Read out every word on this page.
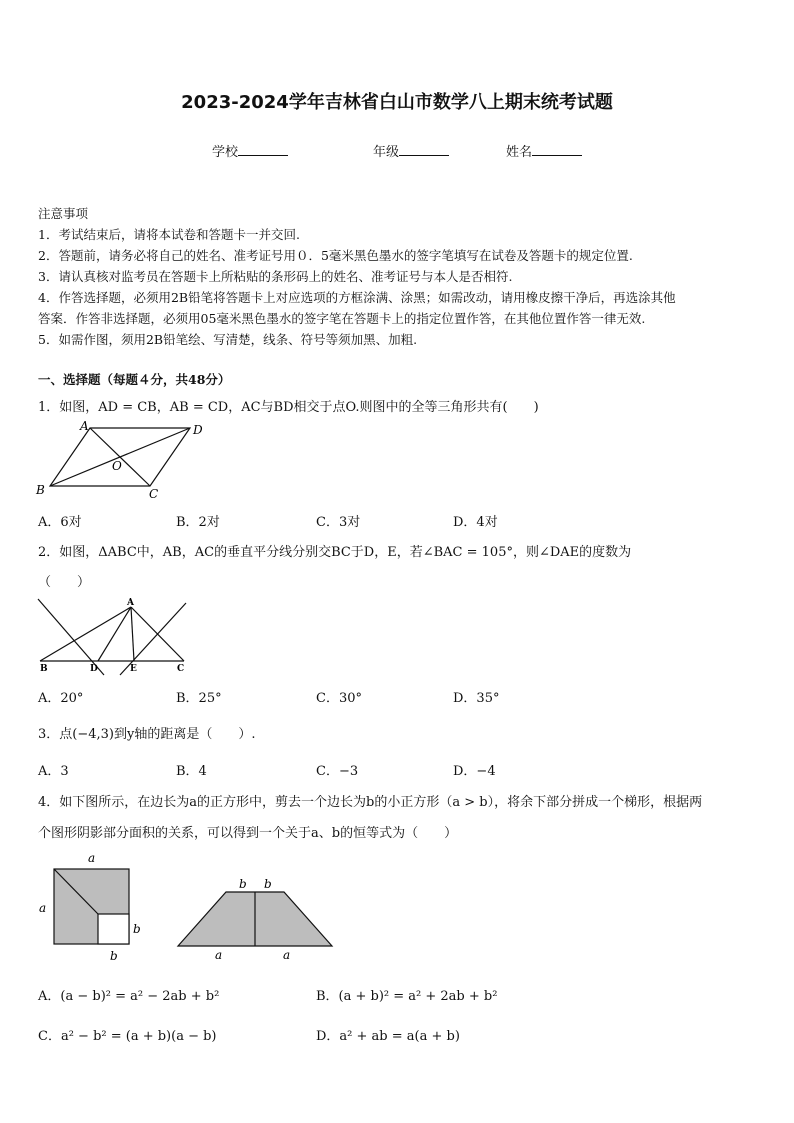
2023-2024学年吉林省白山市数学八上期末统考试题
学校	年级	姓名
注意事项
1．考试结束后，请将本试卷和答题卡一并交回.
2．答题前，请务必将自己的姓名、准考证号用０．5毫米黑色墨水的签字笔填写在试卷及答题卡的规定位置.
3．请认真核对监考员在答题卡上所粘贴的条形码上的姓名、准考证号与本人是否相符.
4．作答选择题，必须用2B铅笔将答题卡上对应选项的方框涂满、涂黑；如需改动，请用橡皮擦干净后，再选涂其他
答案．作答非选择题，必须用05毫米黑色墨水的签字笔在答题卡上的指定位置作答，在其他位置作答一律无效.
5．如需作图，须用2B铅笔绘、写清楚，线条、符号等须加黑、加粗.
一、选择题（每题４分，共48分）
1．如图，AD = CB，AB = CD，AC与BD相交于点O.则图中的全等三角形共有(　　)
A	D
O
B	C
A．6对	B．2对	C．3对	D．4对
2．如图，ΔABC中，AB，AC的垂直平分线分别交BC于D，E，若∠BAC = 105°，则∠DAE的度数为
（　　）
A
B	D	E	C
A．20°	B．25°	C．30°	D．35°
3．点(−4,3)到y轴的距离是（　　）.
A．3	B．4	C．−3	D．−4
4．如下图所示，在边长为a的正方形中，剪去一个边长为b的小正方形（a > b），将余下部分拼成一个梯形，根据两
个图形阴影部分面积的关系，可以得到一个关于a、b的恒等式为（　　）
a
a
b
b
b b
a	a
A．(a − b)² = a² − 2ab + b²	B．(a + b)² = a² + 2ab + b²
C．a² − b² = (a + b)(a − b)	D．a² + ab = a(a + b)
